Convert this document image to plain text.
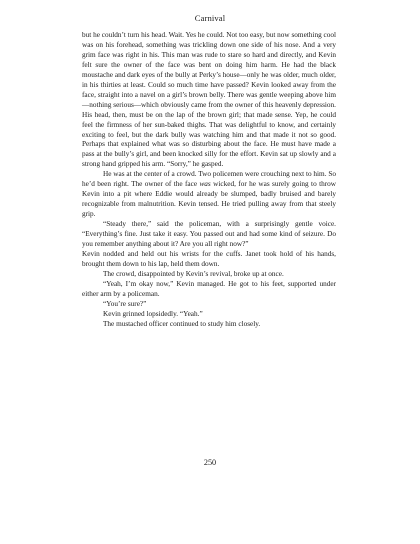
Carnival

but he couldn’t turn his head. Wait. Yes he could. Not too easy, but now something cool was on his forehead, something was trickling down one side of his nose. And a very grim face was right in his. This man was rude to stare so hard and directly, and Kevin felt sure the owner of the face was bent on doing him harm. He had the black moustache and dark eyes of the bully at Perky’s house—only he was older, much older, in his thirties at least. Could so much time have passed? Kevin looked away from the face, straight into a navel on a girl’s brown belly. There was gentle weeping above him—nothing serious—which obviously came from the owner of this heavenly depression. His head, then, must be on the lap of the brown girl; that made sense. Yep, he could feel the firmness of her sun-baked thighs. That was delightful to know, and certainly exciting to feel, but the dark bully was watching him and that made it not so good. Perhaps that explained what was so disturbing about the face. He must have made a pass at the bully’s girl, and been knocked silly for the effort. Kevin sat up slowly and a strong hand gripped his arm. “Sorry,” he gasped.

He was at the center of a crowd. Two policemen were crouching next to him. So he’d been right. The owner of the face was wicked, for he was surely going to throw Kevin into a pit where Eddie would already be slumped, badly bruised and barely recognizable from malnutrition. Kevin tensed. He tried pulling away from that steely grip.

“Steady there,” said the policeman, with a surprisingly gentle voice. “Everything’s fine. Just take it easy. You passed out and had some kind of seizure. Do you remember anything about it? Are you all right now?”

Kevin nodded and held out his wrists for the cuffs. Janet took hold of his hands, brought them down to his lap, held them down.

The crowd, disappointed by Kevin’s revival, broke up at once.

“Yeah, I’m okay now,” Kevin managed. He got to his feet, supported under either arm by a policeman.

“You’re sure?”

Kevin grinned lopsidedly. “Yeah.”

The mustached officer continued to study him closely.

250
